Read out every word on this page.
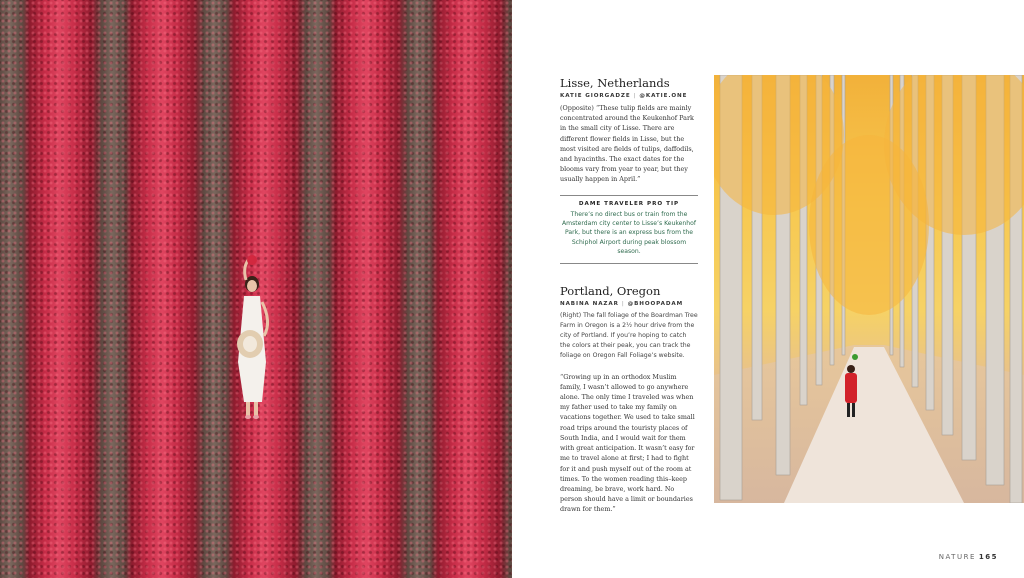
Lisse, Netherlands
KATIE GIORGADZE | @KATIE.ONE
(Opposite) “These tulip fields are mainly concentrated around the Keukenhof Park in the small city of Lisse. There are different flower fields in Lisse, but the most visited are fields of tulips, daffodils, and hyacinths. The exact dates for the blooms vary from year to year, but they usually happen in April.”
DAME TRAVELER PRO TIP
There’s no direct bus or train from the Amsterdam city center to Lisse’s Keukenhof Park, but there is an express bus from the Schiphol Airport during peak blossom season.
Portland, Oregon
NABINA NAZAR | @BHOOPADAM
(Right) The fall foliage of the Boardman Tree Farm in Oregon is a 2½ hour drive from the city of Portland. If you’re hoping to catch the colors at their peak, you can track the foliage on Oregon Fall Foliage’s website.
“Growing up in an orthodox Muslim family, I wasn’t allowed to go anywhere alone. The only time I traveled was when my father used to take my family on vacations together. We used to take small road trips around the touristy places of South India, and I would wait for them with great anticipation. It wasn’t easy for me to travel alone at first; I had to fight for it and push myself out of the room at times. To the women reading this–keep dreaming, be brave, work hard. No person should have a limit or boundaries drawn for them.”
NATURE 165
